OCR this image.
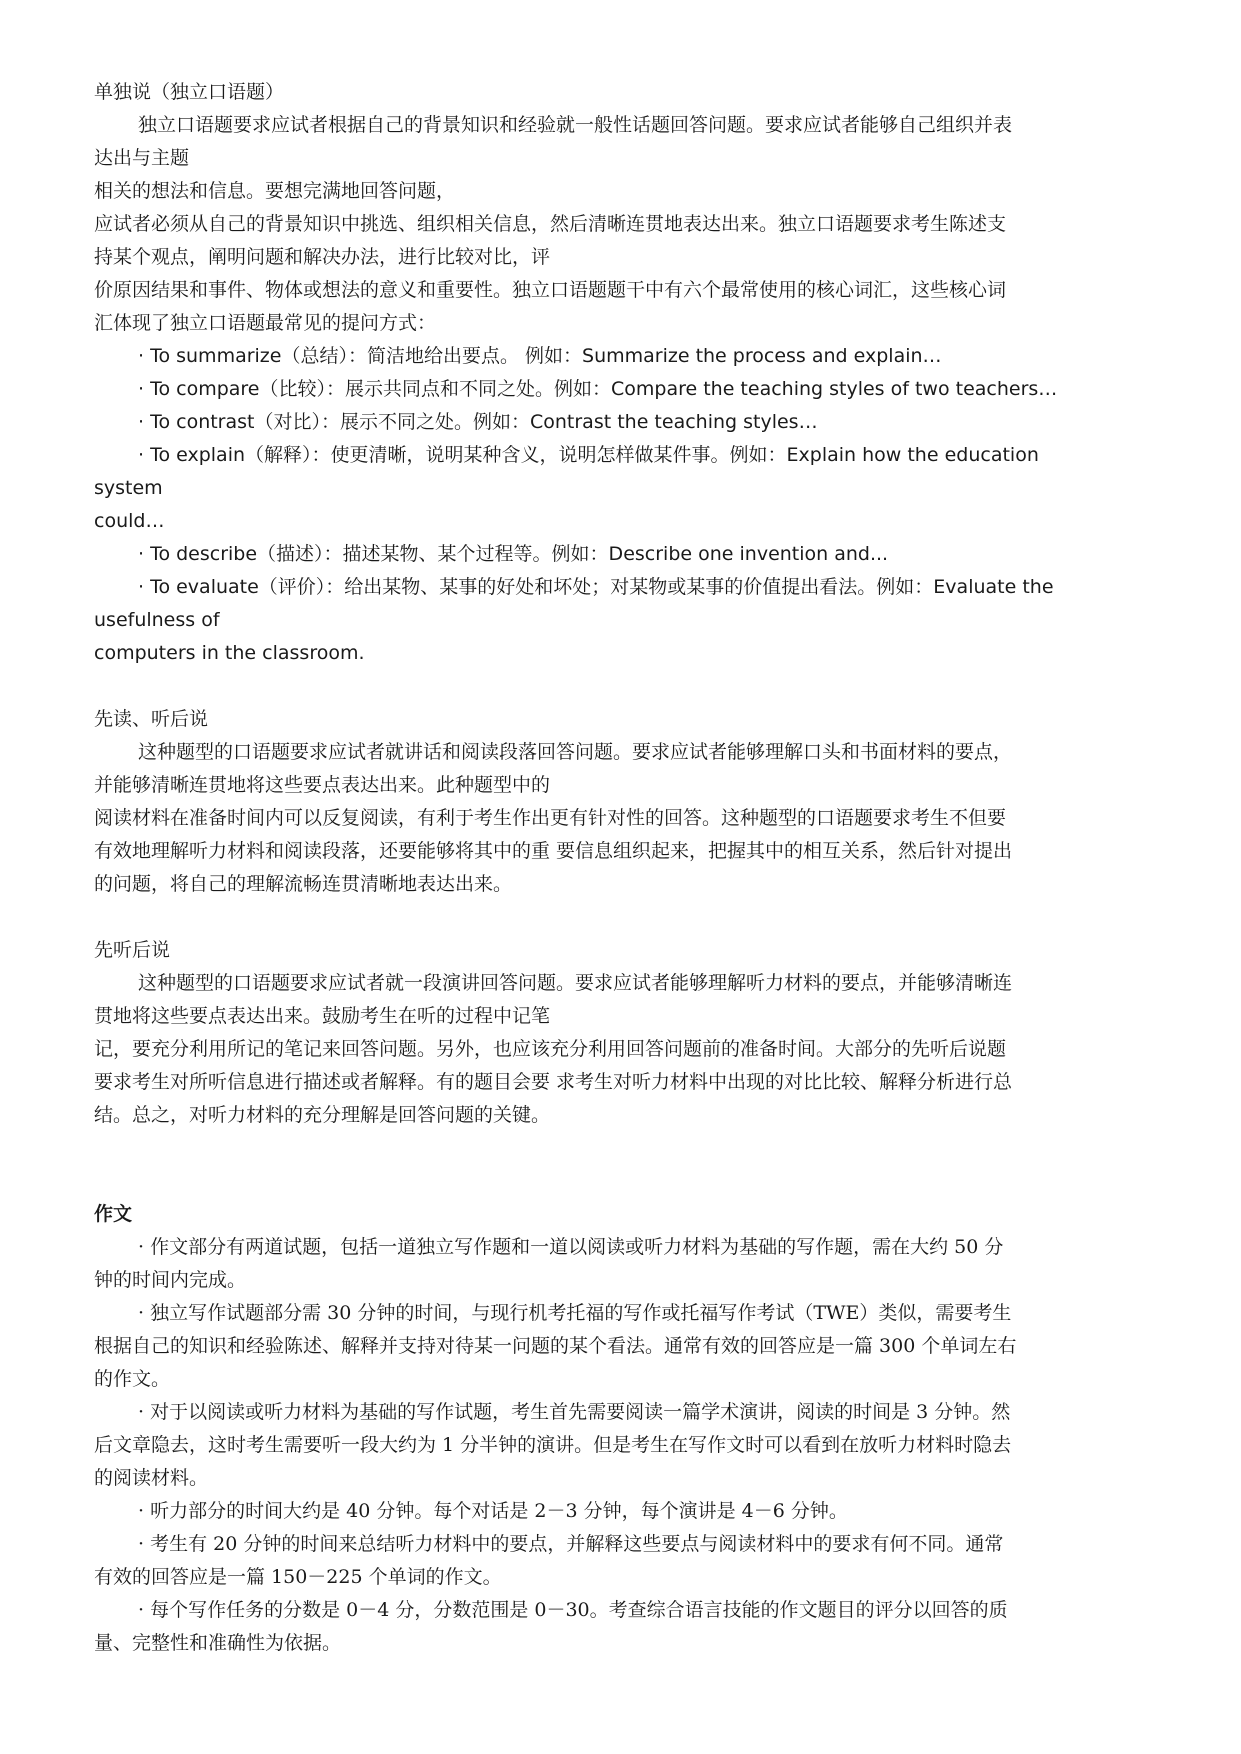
单独说（独立口语题）
独立口语题要求应试者根据自己的背景知识和经验就一般性话题回答问题。要求应试者能够自己组织并表
达出与主题
相关的想法和信息。要想完满地回答问题，
应试者必须从自己的背景知识中挑选、组织相关信息，然后清晰连贯地表达出来。独立口语题要求考生陈述支
持某个观点，阐明问题和解决办法，进行比较对比，评
价原因结果和事件、物体或想法的意义和重要性。独立口语题题干中有六个最常使用的核心词汇，这些核心词
汇体现了独立口语题最常见的提问方式：
· To summarize（总结）：简洁地给出要点。 例如：Summarize the process and explain…
· To compare（比较）：展示共同点和不同之处。例如：Compare the teaching styles of two teachers…
· To contrast（对比）：展示不同之处。例如：Contrast the teaching styles…
· To explain（解释）：使更清晰，说明某种含义，说明怎样做某件事。例如：Explain how the education
system
could…
· To describe（描述）：描述某物、某个过程等。例如：Describe one invention and...
· To evaluate（评价）：给出某物、某事的好处和坏处；对某物或某事的价值提出看法。例如：Evaluate the
usefulness of
computers in the classroom.
先读、听后说
这种题型的口语题要求应试者就讲话和阅读段落回答问题。要求应试者能够理解口头和书面材料的要点，
并能够清晰连贯地将这些要点表达出来。此种题型中的
阅读材料在准备时间内可以反复阅读，有利于考生作出更有针对性的回答。这种题型的口语题要求考生不但要
有效地理解听力材料和阅读段落，还要能够将其中的重 要信息组织起来，把握其中的相互关系，然后针对提出
的问题，将自己的理解流畅连贯清晰地表达出来。
先听后说
这种题型的口语题要求应试者就一段演讲回答问题。要求应试者能够理解听力材料的要点，并能够清晰连
贯地将这些要点表达出来。鼓励考生在听的过程中记笔
记，要充分利用所记的笔记来回答问题。另外，也应该充分利用回答问题前的准备时间。大部分的先听后说题
要求考生对所听信息进行描述或者解释。有的题目会要 求考生对听力材料中出现的对比比较、解释分析进行总
结。总之，对听力材料的充分理解是回答问题的关键。
作文
· 作文部分有两道试题，包括一道独立写作题和一道以阅读或听力材料为基础的写作题，需在大约 50 分
钟的时间内完成。
· 独立写作试题部分需 30 分钟的时间，与现行机考托福的写作或托福写作考试（TWE）类似，需要考生
根据自己的知识和经验陈述、解释并支持对待某一问题的某个看法。通常有效的回答应是一篇 300 个单词左右
的作文。
· 对于以阅读或听力材料为基础的写作试题，考生首先需要阅读一篇学术演讲，阅读的时间是 3 分钟。然
后文章隐去，这时考生需要听一段大约为 1 分半钟的演讲。但是考生在写作文时可以看到在放听力材料时隐去
的阅读材料。
· 听力部分的时间大约是 40 分钟。每个对话是 2－3 分钟，每个演讲是 4－6 分钟。
· 考生有 20 分钟的时间来总结听力材料中的要点，并解释这些要点与阅读材料中的要求有何不同。通常
有效的回答应是一篇 150－225 个单词的作文。
· 每个写作任务的分数是 0－4 分，分数范围是 0－30。考查综合语言技能的作文题目的评分以回答的质
量、完整性和准确性为依据。
